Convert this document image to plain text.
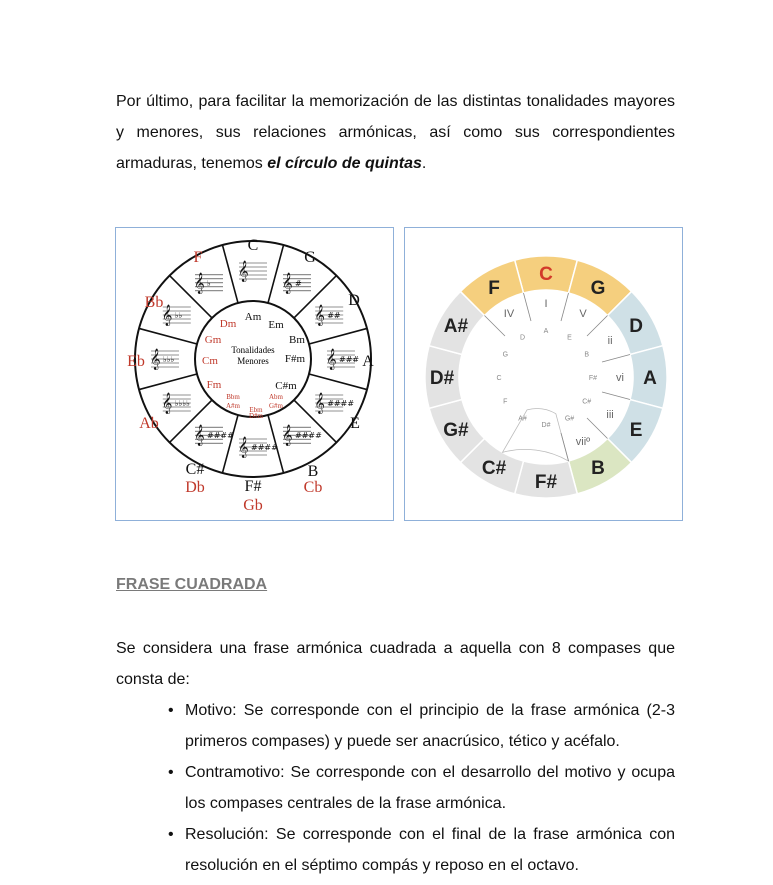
Por último, para facilitar la memorización de las distintas tonalidades mayores y menores, sus relaciones armónicas, así como sus correspondientes armaduras, tenemos el círculo de quintas.

𝄞
𝄞 #
𝄞 ##
𝄞 ###
𝄞 ####
𝄞 ####
𝄞 ####
𝄞 ####
𝄞 ♭♭♭♭
𝄞 ♭♭♭
𝄞 ♭♭
𝄞 ♭
C
G
D
A
E
B
F#
C#
Ab
Eb
Bb
F
Cb
Gb
Db
Am
Em
Bm
F#m
C#m
Dm
Gm
Cm
Fm
Bbm
A#m Ebm
D#m
Abm
G#m
Tonalidades
Menores
C
G
D
A
E
B
F#
C#
G#
D#
A#
F
I
V
ii
vi
iii
viiº
IV
A
E
B
F#
C#
G#
D#
A#
F
C
G
D
FRASE CUADRADA

Se considera una frase armónica cuadrada a aquella con 8 compases que consta de:

• Motivo: Se corresponde con el principio de la frase armónica (2-3 primeros compases) y puede ser anacrúsico, tético y acéfalo.
• Contramotivo: Se corresponde con el desarrollo del motivo y ocupa los compases centrales de la frase armónica.
• Resolución: Se corresponde con el final de la frase armónica con resolución en el séptimo compás y reposo en el octavo.
